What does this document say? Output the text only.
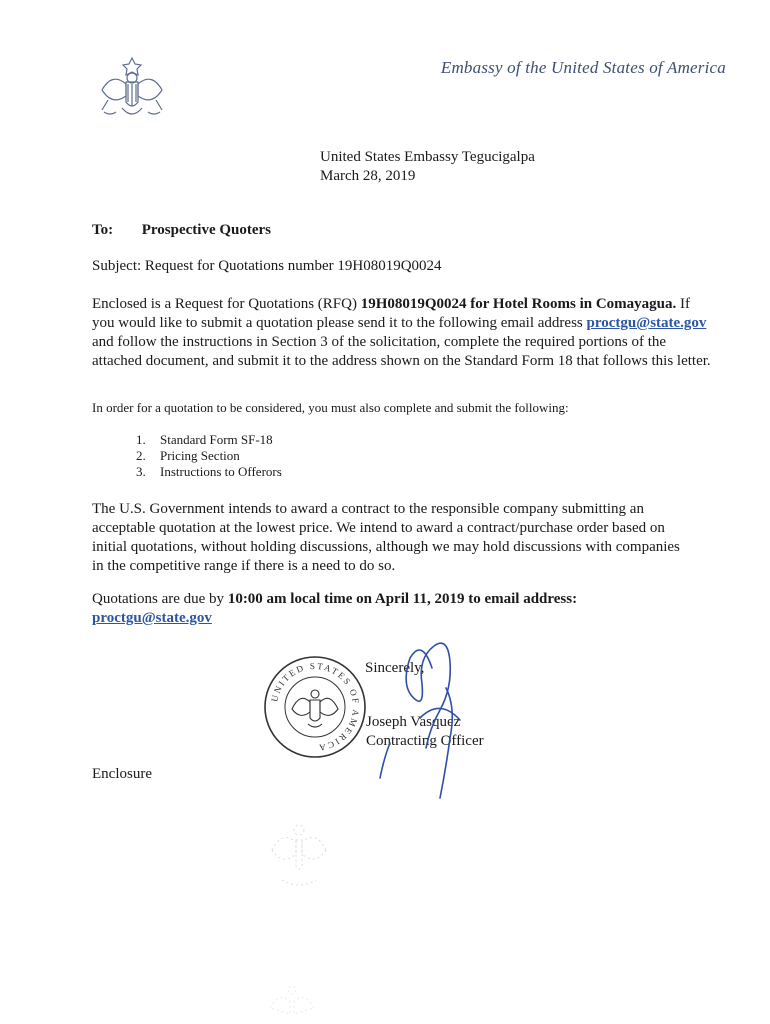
Embassy of the United States of America
United States Embassy Tegucigalpa
March 28, 2019
To: Prospective Quoters
Subject: Request for Quotations number 19H08019Q0024
Enclosed is a Request for Quotations (RFQ) 19H08019Q0024 for Hotel Rooms in Comayagua. If you would like to submit a quotation please send it to the following email address proctgu@state.gov and follow the instructions in Section 3 of the solicitation, complete the required portions of the attached document, and submit it to the address shown on the Standard Form 18 that follows this letter.
In order for a quotation to be considered, you must also complete and submit the following:
1. Standard Form SF-18
2. Pricing Section
3. Instructions to Offerors
The U.S. Government intends to award a contract to the responsible company submitting an acceptable quotation at the lowest price. We intend to award a contract/purchase order based on initial quotations, without holding discussions, although we may hold discussions with companies in the competitive range if there is a need to do so.
Quotations are due by 10:00 am local time on April 11, 2019 to email address:
proctgu@state.gov
UNITED STATES OF AMERICA
Sincerely,
Joseph Vasquez
Contracting Officer
Enclosure
